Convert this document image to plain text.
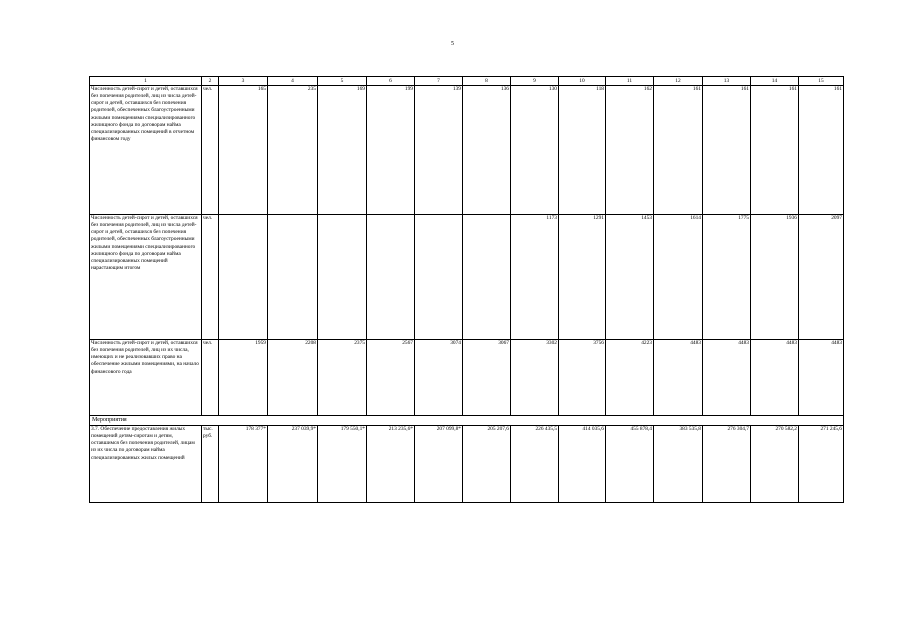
5
1	2	3	4	5	6	7	8	9	10	11	12	13	14	15
Численность детей-сирот и детей, оставшихся без попечения родителей, лиц из числа детей-сирот и детей, оставшихся без попечения родителей, обеспеченных благоустроенными жилыми помещениями специализированного жилищного фонда по договорам найма специализированных помещений в отчетном финансовом году	чел.	165	235	169	199	139	136	130	118	162	161	161	161	161
Численность детей-сирот и детей, оставшихся без попечения родителей, лиц из числа детей-сирот и детей, оставшихся без попечения родителей, обеспеченных благоустроенными жилыми помещениями специализированного жилищного фонда по договорам найма специализированных помещений нарастающим итогом	чел.							1173	1291	1453	1614	1775	1936	2097
Численность детей-сирот и детей, оставшихся без попечения родителей, лиц из их числа, имеющих и не реализовавших право на обеспечение жилыми помещениями, на начало финансового года	чел.	1959	2208	2375	2567	3074	3067	3302	3756	4223	4483	4483	4483	4483
Мероприятия														
3.7. Обеспечение предоставления жилых помещений детям-сиротам и детям, оставшимся без попечения родителей, лицам из их числа по договорам найма специализированных жилых помещений	тыс. руб.	178 377*	237 039,9*	179 550,1*	213 235,6*	207 099,8*	205 207,6	226 435,5	414 035,6	455 878,4	383 535,8	276 304,7	270 582,2	271 245,6
